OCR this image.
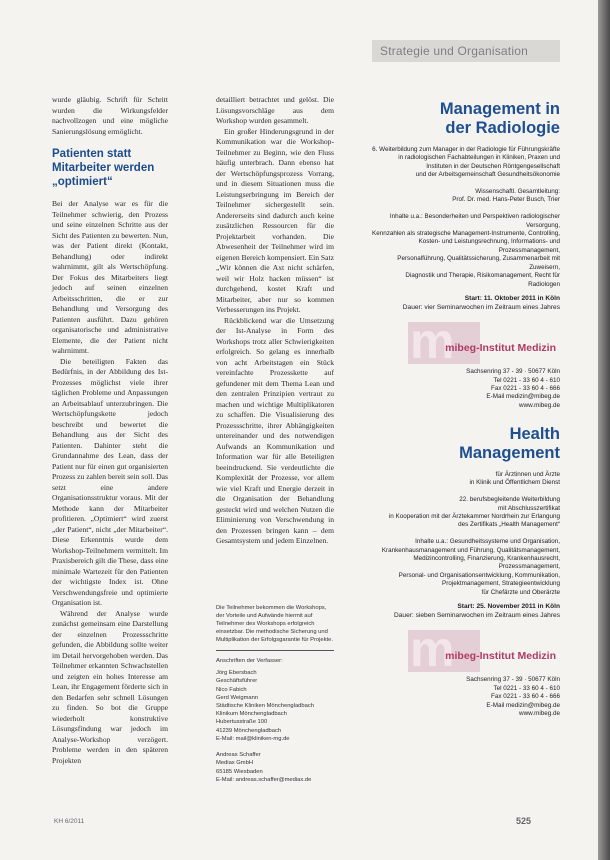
Strategie und Organisation

wurde gläubig. Schrift für Schritt wurden die Wirkungsfelder nachvollzogen und eine mögliche Sanierungslösung ermöglicht.

Patienten statt Mitarbeiter werden „optimiert“

Bei der Analyse war es für die Teilnehmer schwierig, den Prozess und seine einzelnen Schritte aus der Sicht des Patienten zu bewerten. Nun, was der Patient direkt (Kontakt, Behandlung) oder indirekt wahrnimmt, gilt als Wertschöpfung. Der Fokus des Mitarbeiters liegt jedoch auf seinen einzelnen Arbeitsschritten, die er zur Behandlung und Versorgung des Patienten ausführt. Dazu gehören organisatorische und administrative Elemente, die der Patient nicht wahrnimmt.

Die beteiligten Fakten das Bedürfnis, in der Abbildung des Ist-Prozesses möglichst viele ihrer täglichen Probleme und Anpassungen an Arbeitsablauf unterzubringen. Die Wertschöpfungskette jedoch beschreibt und bewertet die Behandlung aus der Sicht des Patienten. Dahinter steht die Grundannahme des Lean, dass der Patient nur für einen gut organisierten Prozess zu zahlen bereit sein soll. Das setzt eine andere Organisationsstruktur voraus. Mit der Methode kann der Mitarbeiter profitieren. „Optimiert“ wird zuerst „der Patient“, nicht „der Mitarbeiter“. Diese Erkenntnis wurde dem Workshop-Teilnehmern vermittelt. Im Praxisbereich gilt die These, dass eine minimale Wartezeit für den Patienten der wichtigste Index ist. Ohne Verschwendungsfreie und optimierte Organisation ist.

Während der Analyse wurde zunächst gemeinsam eine Darstellung der einzelnen Prozessschritte gefunden, die Abbildung sollte weiter im Detail hervorgehoben werden. Das Teilnehmer erkannten Schwachstellen und zeigten ein hohes Interesse am Lean, ihr Engagement förderte sich in den Bedarfen sehr schnell Lösungen zu finden. So bot die Gruppe wiederholt konstruktive Lösungsfindung war jedoch im Analyse-Workshop verzögert. Probleme werden in den späteren Projekten

detailliert betrachtet und gelöst. Die Lösungsvorschläge aus dem Workshop wurden gesammelt.

Ein großer Hinderungsgrund in der Kommunikation war die Workshop-Teilnehmer zu Beginn, wie den Fluss häufig unterbrach. Dann ebenso hat der Wertschöpfungsprozess Vorrang, und in diesem Situationen muss die Leistungserbringung im Bereich der Teilnehmer sichergestellt sein. Andererseits sind dadurch auch keine zusätzlichen Ressourcen für die Projektarbeit vorhanden. Die Abwesenheit der Teilnehmer wird im eigenen Bereich kompensiert. Ein Satz „Wir können die Axt nicht schärfen, weil wir Holz hacken müssen“ ist durchgehend, kostet Kraft und Mitarbeiter, aber nur so kommen Verbesserungen ins Projekt.

Rückblickend war die Umsetzung der Ist-Analyse in Form des Workshops trotz aller Schwierigkeiten erfolgreich. So gelang es innerhalb von acht Arbeitstagen ein Stück vereinfachte Prozesskette auf gefundener mit dem Thema Lean und den zentralen Prinzipien vertraut zu machen und wichtige Multiplikatoren zu schaffen. Die Visualisierung des Prozessschritte, ihrer Abhängigkeiten untereinander und des notwendigen Aufwands an Kommunikation und Information war für alle Beteiligten beeindruckend. Sie verdeutlichte die Komplexität der Prozesse, vor allem wie viel Kraft und Energie derzeit in die Organisation der Behandlung gesteckt wird und welchen Nutzen die Eliminierung von Verschwendung in den Prozessen bringen kann – dem Gesamtsystem und jedem Einzelnen.

Die Teilnehmer bekommen die Workshops, der Vorteile und Aufwände hiermit auf Teilnehmer des Workshops erfolgreich einsetzbar. Die methodische Sicherung und Multiplikation der Erfolgsgarantie für Projekte.
Anschriften der Verfasser:
Jörg Ebersbach
Geschäftsführer
Nico Fabich
Gerd Weigmann
Städtische Kliniken Mönchengladbach
Klinikum Mönchengladbach
Hubertusstraße 100
41239 Mönchengladbach
E-Mail: mail@kliniken-mg.de

Andreas Schaffer
Mediax GmbH
65185 Wiesbaden
E-Mail: andreas.schaffer@mediax.de
Management in
der Radiologie
6. Weiterbildung zum Manager in der Radiologie für Führungskräfte
in radiologischen Fachabteilungen in Kliniken, Praxen und
Instituten in der Deutschen Röntgengesellschaft
und der Arbeitsgemeinschaft Gesundheitsökonomie

Wissenschaftl. Gesamtleitung:
Prof. Dr. med. Hans-Peter Busch, Trier

Inhalte u.a.: Besonderheiten und Perspektiven radiologischer Versorgung,
Kennzahlen als strategische Management-Instrumente, Controlling,
Kosten- und Leistungsrechnung, Informations- und Prozessmanagement,
Personalführung, Qualitätssicherung, Zusammenarbeit mit Zuweisern,
Diagnostik und Therapie, Risikomanagement, Recht für Radiologen
Start: 11. Oktober 2011 in Köln
Dauer: vier Seminarwochen im Zeitraum eines Jahres
m
mibeg-Institut Medizin
Sachsenring 37 - 39 · 50677 Köln
Tel 0221 - 33 60 4 - 610
Fax 0221 - 33 60 4 - 666
E-Mail medizin@mibeg.de
www.mibeg.de
Health
Management
für Ärztinnen und Ärzte
in Klinik und Öffentlichem Dienst

22. berufsbegleitende Weiterbildung
mit Abschlusszertifikat
in Kooperation mit der Ärztekammer Nordrhein zur Erlangung
des Zertifikats „Health Management“

Inhalte u.a.: Gesundheitssysteme und Organisation,
Krankenhausmanagement und Führung, Qualitätsmanagement,
Medizincontrolling, Finanzierung, Krankenhausrecht, Prozessmanagement,
Personal- und Organisationsentwicklung, Kommunikation,
Projektmanagement, Strategieentwicklung
für Chefärzte und Oberärzte
Start: 25. November 2011 in Köln
Dauer: sieben Seminarwochen im Zeitraum eines Jahres
m
mibeg-Institut Medizin
Sachsenring 37 - 39 · 50677 Köln
Tel 0221 - 33 60 4 - 610
Fax 0221 - 33 60 4 - 666
E-Mail medizin@mibeg.de
www.mibeg.de
KH 6/2011	525
